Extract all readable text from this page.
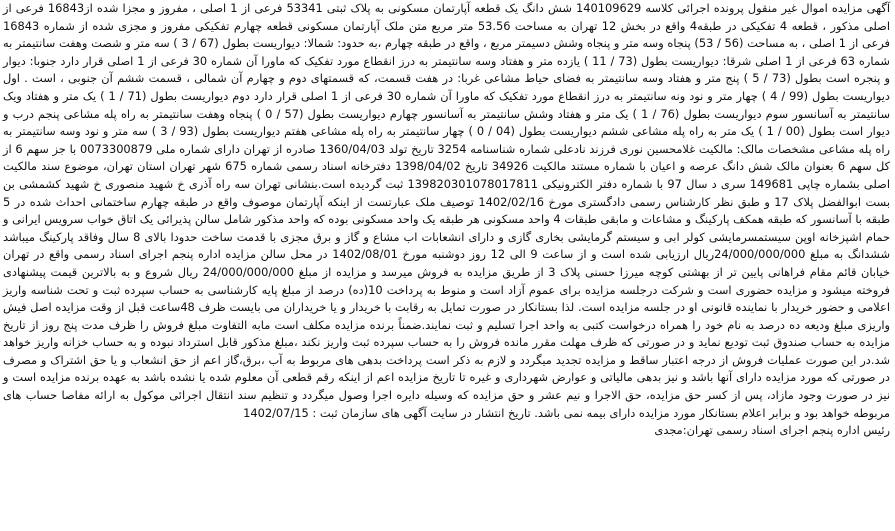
آگهی مزایده اموال غیر منقول پرونده اجرائی کلاسه 140109629 شش دانگ یک قطعه آپارتمان مسکونی به پلاک ثبتی 53341 فرعی از 1 اصلی ، مفروز و مجزا شده از16843 فرعی از اصلی مذکور ، قطعه 4 تفکیکی در طبقه4 واقع در بخش 12 تهران به مساحت 53.56 متر مربع متن ملک آپارتمان مسکونی قطعه چهارم تفکیکی مفروز و مجزی شده از شماره 16843 فرعی از 1 اصلی ، به مساحت (56 / 53) پنجاه وسه متر و پنجاه وشش دسیمتر مربع ، واقع در طبقه چهارم ،به حدود: شمالا: دیواریست بطول (67 / 3 ) سه متر و شصت وهفت سانتیمتر به شماره 63 فرعی از 1 اصلی شرقا: دیواریست بطول (73 / 11 ) یازده متر و هفتاد وسه سانتیمتر به درز انقطاع مورد تفکیک که ماورا آن شماره 30 فرعی از 1 اصلی قرار دارد جنوبا: دیوار و پنجره است بطول (73 / 5 ) پنج متر و هفتاد وسه سانتیمتر به فضای حیاط مشاعی غربا: در هفت قسمت، که قسمتهای دوم و چهارم آن شمالی ، قسمت ششم آن جنوبی ، است . اول دیواریست بطول (99 / 4 ) چهار متر و نود ونه سانتیمتر به درز انقطاع مورد تفکیک که ماورا آن شماره 30 فرعی از 1 اصلی قرار دارد دوم دیواریست بطول (71 / 1 ) یک متر و هفتاد ویک سانتیمتر به آسانسور سوم دیواریست بطول (76 / 1 ) یک متر و هفتاد وشش سانتیمتر به آسانسور چهارم دیواریست بطول (57 / 0 ) پنجاه وهفت سانتیمتر به راه پله مشاعی پنجم درب و دیوار است بطول (00 / 1 ) یک متر به راه پله مشاعی ششم دیواریست بطول (04 / 0 ) چهار سانتیمتر به راه پله مشاعی هفتم دیواریست بطول (93 / 3 ) سه متر و نود وسه سانتیمتر به راه پله مشاعی مشخصات مالک: مالکیت غلامحسین نوری فرزند نادعلی شماره شناسنامه 3254 تاریخ تولد 1360/04/03 صادره از تهران دارای شماره ملی 0073300879 با جز سهم 6 از کل سهم 6 بعنوان مالک شش دانگ عرصه و اعیان با شماره مستند مالکیت 34926 تاریخ 1398/04/02 دفترخانه اسناد رسمی شماره 675 شهر تهران استان تهران، موضوع سند مالکیت اصلی بشماره چاپی 149681 سری د سال 97 با شماره دفتر الکترونیکی 139820301078017811 ثبت گردیده است.بنشانی تهران سه راه آذری خ شهید منصوری خ شهید کشمشی بن بست ابوالفضل پلاک 17 و طبق نظر کارشناس رسمی دادگستری مورخ 1402/02/16 توصیف ملک عبارتست از اینکه آپارتمان موصوف واقع در طبقه چهارم ساختمانی احداث شده در 5 طبقه با آسانسور که طبقه همکف پارکینگ و مشاعات و مابقی طبقات 4 واحد مسکونی هر طبقه یک واحد مسکونی بوده که واحد مذکور شامل سالن پذیرائی یک اتاق خواب سرویس ایرانی و حمام اشپزخانه اوپن سیستمسرمایشی کولر ابی و سیستم گرمایشی بخاری گازی و دارای انشعابات اب مشاع و گاز و برق مجزی با قدمت ساخت حدودا بالای 8 سال وفاقد پارکینگ میباشد ششدانگ به مبلغ 24/000/000/000ریال ارزیابی شده است و از ساعت 9 الی 12 روز دوشنبه مورخ 1402/08/01 در محل سالن مزایده اداره پنجم اجرای اسناد رسمی واقع در تهران خیابان قائم مقام فراهانی پایین تر از بهشتی کوچه میرزا حسنی پلاک 3 از طریق مزایده به فروش میرسد و مزایده از مبلغ 24/000/000/000 ریال شروع و به بالاترین قیمت پیشنهادی فروخته میشود و مزایده حضوری است و شرکت درجلسه مزایده برای عموم آزاد است و منوط به پرداخت 10(ده) درصد از مبلغ پایه کارشناسی به حساب سپرده ثبت و تحت شناسه واریز اعلامی و حضور خریدار با نماینده قانونی او در جلسه مزایده است. لذا بستانکار در صورت تمایل به رقابت با خریدار و یا خریداران می بایست ظرف 48ساعت قبل از وقت مزایده اصل فیش واریزی مبلغ ودیعه ده درصد به نام خود را همراه درخواست کتبی به واحد اجرا تسلیم و ثبت نمایند.ضمناً برنده مزایده مکلف است مابه التفاوت مبلغ فروش را ظرف مدت پنج روز از تاریخ مزایده به حساب صندوق ثبت تودیع نماید و در صورتی که ظرف مهلت مقرر مانده فروش را به حساب سپرده ثبت واریز نکند ،مبلغ مذکور قابل استرداد نبوده و به حساب خزانه واریز خواهد شد.در این صورت عملیات فروش از درجه اعتبار ساقط و مزایده تجدید میگردد و لازم به ذکر است پرداخت بدهی های مربوط به آب ،برق،گاز اعم از حق انشعاب و یا حق اشتراک و مصرف در صورتی که مورد مزایده دارای آنها باشد و نیز بدهی مالیاتی و عوارض شهرداری و غیره تا تاریخ مزایده اعم از اینکه رقم قطعی آن معلوم شده یا نشده باشد به عهده برنده مزایده است و نیز در صورت وجود مازاد، پس از کسر حق مزایده، حق الاجرا و نیم عشر و حق مزایده که وسیله دایره اجرا وصول میگردد و تنظیم سند انتقال اجرائی موکول به ارائه مفاصا حساب های مربوطه خواهد بود و برابر اعلام بستانکار مورد مزایده دارای بیمه نمی باشد. تاریخ انتشار در سایت آگهی های سازمان ثبت : 1402/07/15
رئیس اداره پنجم اجرای اسناد رسمی تهران:مجدی
